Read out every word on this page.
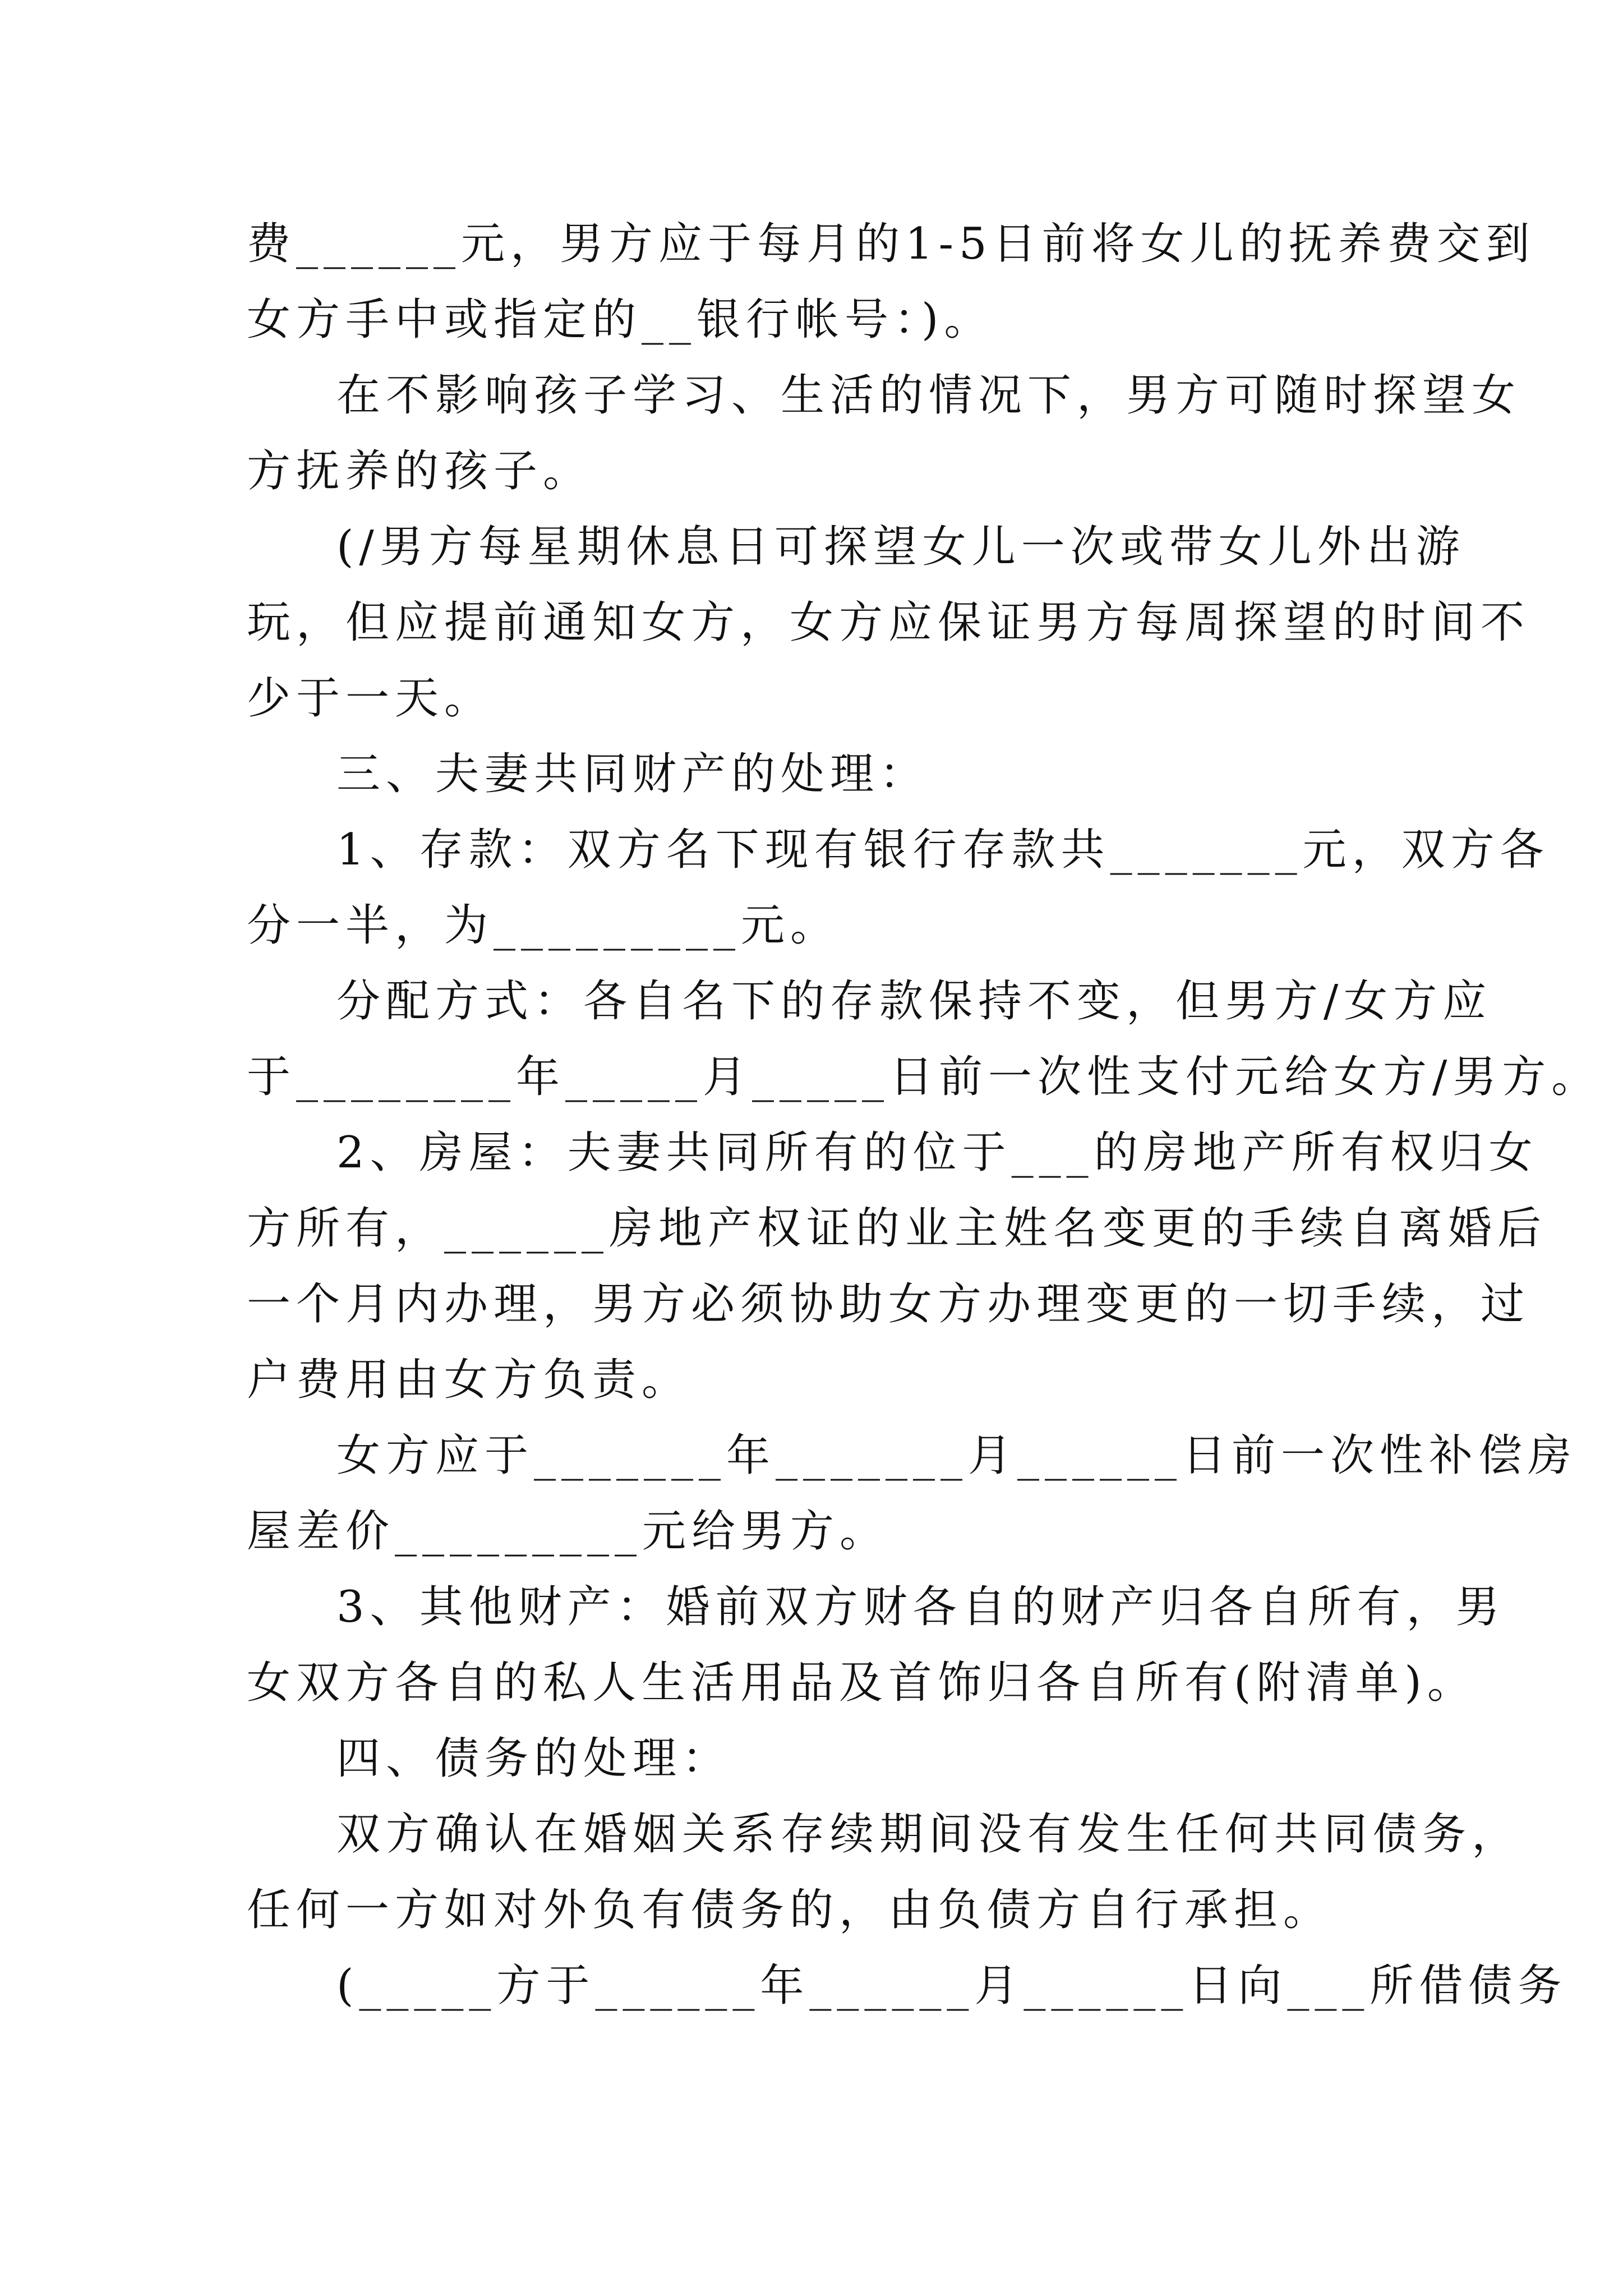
费______元，男方应于每月的1-5日前将女儿的抚养费交到
女方手中或指定的__银行帐号：)。
在不影响孩子学习、生活的情况下，男方可随时探望女
方抚养的孩子。
(/男方每星期休息日可探望女儿一次或带女儿外出游
玩，但应提前通知女方，女方应保证男方每周探望的时间不
少于一天。
三、夫妻共同财产的处理：
1、存款：双方名下现有银行存款共_______元，双方各
分一半，为_________元。
分配方式：各自名下的存款保持不变，但男方/女方应
于________年_____月_____日前一次性支付元给女方/男方。
2、房屋：夫妻共同所有的位于___的房地产所有权归女
方所有，______房地产权证的业主姓名变更的手续自离婚后
一个月内办理，男方必须协助女方办理变更的一切手续，过
户费用由女方负责。
女方应于_______年_______月______日前一次性补偿房
屋差价_________元给男方。
3、其他财产：婚前双方财各自的财产归各自所有，男
女双方各自的私人生活用品及首饰归各自所有(附清单)。
四、债务的处理：
双方确认在婚姻关系存续期间没有发生任何共同债务，
任何一方如对外负有债务的，由负债方自行承担。
(_____方于______年______月______日向___所借债务
